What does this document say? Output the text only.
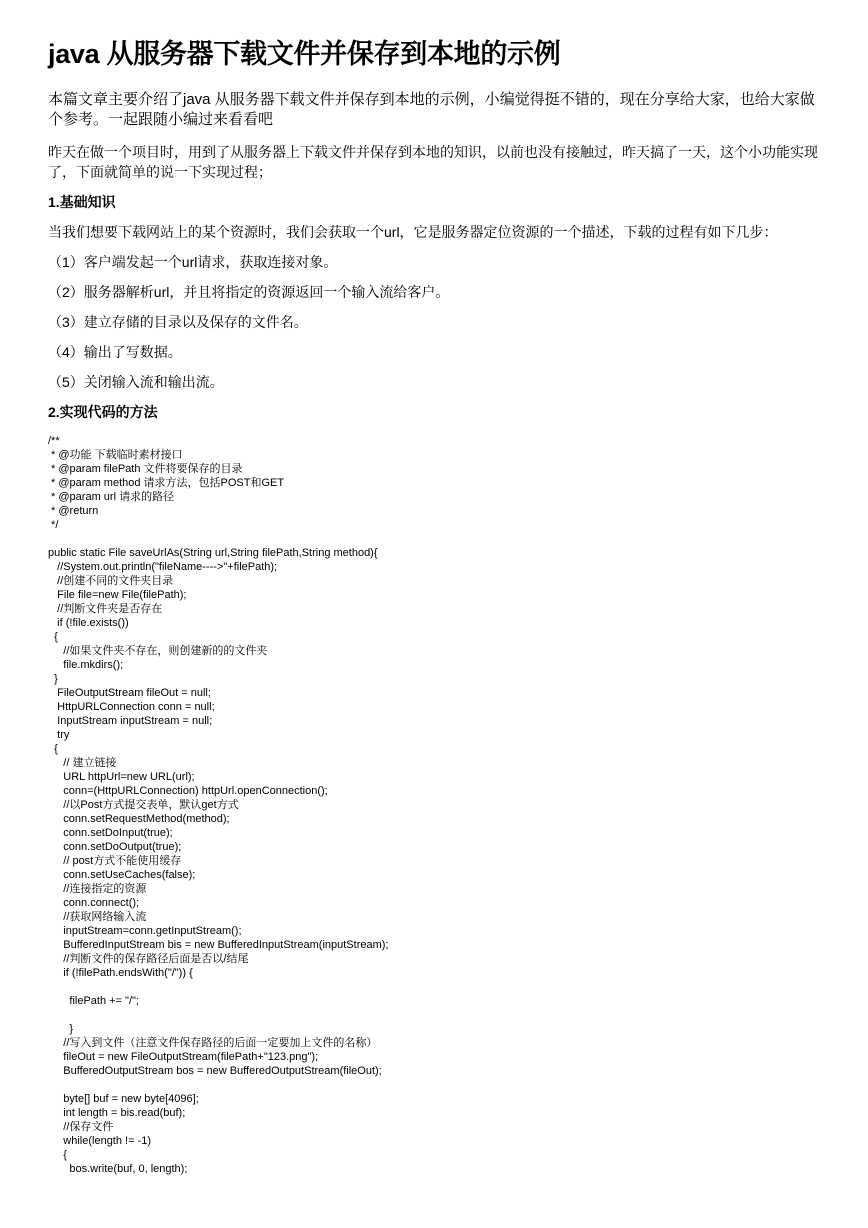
java 从服务器下载文件并保存到本地的示例

本篇文章主要介绍了java 从服务器下载文件并保存到本地的示例，小编觉得挺不错的，现在分享给大家，也给大家做个参考。一起跟随小编过来看看吧

昨天在做一个项目时，用到了从服务器上下载文件并保存到本地的知识，以前也没有接触过，昨天搞了一天，这个小功能实现了，下面就简单的说一下实现过程；

1.基础知识

当我们想要下载网站上的某个资源时，我们会获取一个url，它是服务器定位资源的一个描述，下载的过程有如下几步：

（1）客户端发起一个url请求，获取连接对象。

（2）服务器解析url，并且将指定的资源返回一个输入流给客户。

（3）建立存储的目录以及保存的文件名。

（4）输出了写数据。

（5）关闭输入流和输出流。

2.实现代码的方法
/**
* @功能 下载临时素材接口
* @param filePath 文件将要保存的目录
* @param method 请求方法，包括POST和GET
* @param url 请求的路径
* @return
*/
public static File saveUrlAs(String url,String filePath,String method){
//System.out.println("fileName---->"+filePath);
//创建不同的文件夹目录
File file=new File(filePath);
//判断文件夹是否存在
if (!file.exists())
{
//如果文件夹不存在，则创建新的的文件夹
file.mkdirs();
}
FileOutputStream fileOut = null;
HttpURLConnection conn = null;
InputStream inputStream = null;
try
{
// 建立链接
URL httpUrl=new URL(url);
conn=(HttpURLConnection) httpUrl.openConnection();
//以Post方式提交表单，默认get方式
conn.setRequestMethod(method);
conn.setDoInput(true);
conn.setDoOutput(true);
// post方式不能使用缓存
conn.setUseCaches(false);
//连接指定的资源
conn.connect();
//获取网络输入流
inputStream=conn.getInputStream();
BufferedInputStream bis = new BufferedInputStream(inputStream);
//判断文件的保存路径后面是否以/结尾
if (!filePath.endsWith("/")) {
filePath += "/";
}
//写入到文件（注意文件保存路径的后面一定要加上文件的名称）
fileOut = new FileOutputStream(filePath+"123.png");
BufferedOutputStream bos = new BufferedOutputStream(fileOut);
byte[] buf = new byte[4096];
int length = bis.read(buf);
//保存文件
while(length != -1)
{
bos.write(buf, 0, length);
